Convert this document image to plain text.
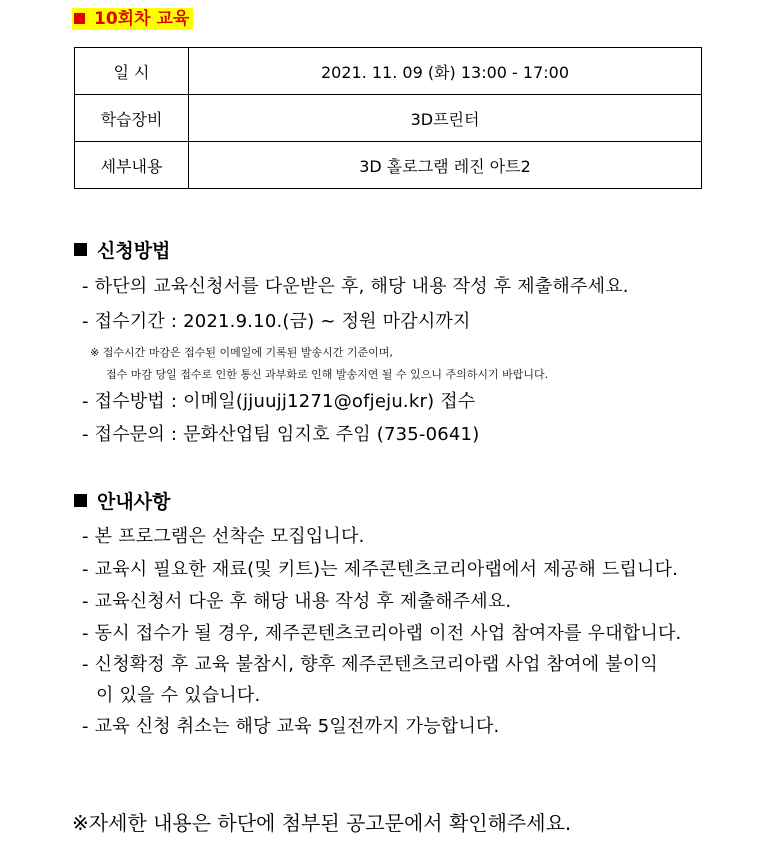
10회차 교육
일 시	2021. 11. 09 (화) 13:00 - 17:00
학습장비	3D프린터
세부내용	3D 홀로그램 레진 아트2
신청방법
- 하단의 교육신청서를 다운받은 후, 해당 내용 작성 후 제출해주세요.
- 접수기간 : 2021.9.10.(금) ~ 정원 마감시까지
※ 접수시간 마감은 접수된 이메일에 기록된 발송시간 기준이며,
접수 마감 당일 접수로 인한 통신 과부화로 인해 발송지연 될 수 있으니 주의하시기 바랍니다.
- 접수방법 : 이메일(jjuujj1271@ofjeju.kr) 접수
- 접수문의 : 문화산업팀 임지호 주임 (735-0641)
안내사항
- 본 프로그램은 선착순 모집입니다.
- 교육시 필요한 재료(및 키트)는 제주콘텐츠코리아랩에서 제공해 드립니다.
- 교육신청서 다운 후 해당 내용 작성 후 제출해주세요.
- 동시 접수가 될 경우, 제주콘텐츠코리아랩 이전 사업 참여자를 우대합니다.
- 신청확정 후 교육 불참시, 향후 제주콘텐츠코리아랩 사업 참여에 불이익
이 있을 수 있습니다.
- 교육 신청 취소는 해당 교육 5일전까지 가능합니다.
※자세한 내용은 하단에 첨부된 공고문에서 확인해주세요.
